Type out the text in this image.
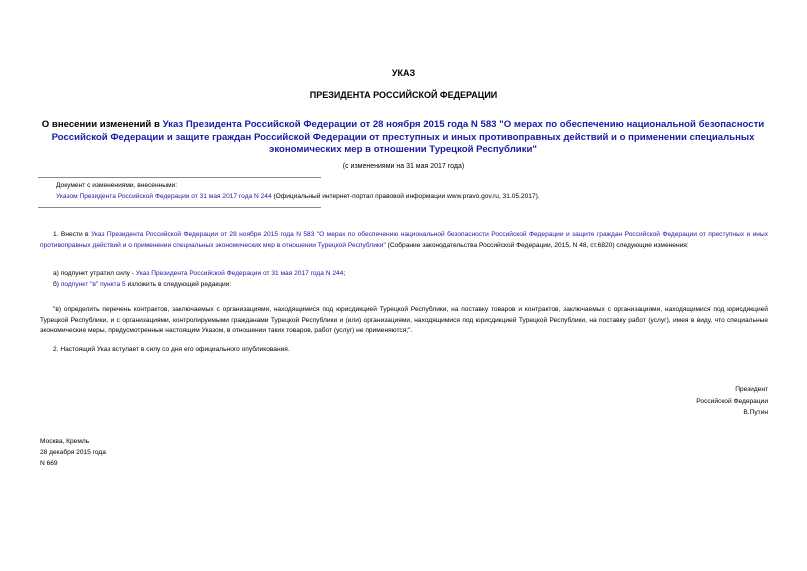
УКАЗ
ПРЕЗИДЕНТА РОССИЙСКОЙ ФЕДЕРАЦИИ
О внесении изменений в Указ Президента Российской Федерации от 28 ноября 2015 года N 583 "О мерах по обеспечению национальной безопасности Российской Федерации и защите граждан Российской Федерации от преступных и иных противоправных действий и о применении специальных экономических мер в отношении Турецкой Республики"
(с изменениями на 31 мая 2017 года)
Документ с изменениями, внесенными:
Указом Президента Российской Федерации от 31 мая 2017 года N 244 (Официальный интернет-портал правовой информации www.pravo.gov.ru, 31.05.2017).
1. Внести в Указ Президента Российской Федерации от 28 ноября 2015 года N 583 "О мерах по обеспечению национальной безопасности Российской Федерации и защите граждан Российской Федерации от преступных и иных противоправных действий и о применении специальных экономических мер в отношении Турецкой Республики" (Собрание законодательства Российской Федерации, 2015, N 48, ст.6820) следующие изменения:
а) подпункт утратил силу - Указ Президента Российской Федерации от 31 мая 2017 года N 244;
б) подпункт "в" пункта 5 изложить в следующей редакции:
"в) определить перечень контрактов, заключаемых с организациями, находящимися под юрисдикцией Турецкой Республики, на поставку товаров и контрактов, заключаемых с организациями, находящимися под юрисдикцией Турецкой Республики, и с организациями, контролируемыми гражданами Турецкой Республики и (или) организациями, находящимися под юрисдикцией Турецкой Республики, на поставку работ (услуг), имея в виду, что специальные экономические меры, предусмотренные настоящим Указом, в отношении таких товаров, работ (услуг) не применяются;".
2. Настоящий Указ вступает в силу со дня его официального опубликования.
Президент
Российской Федерации
В.Путин
Москва, Кремль
28 декабря 2015 года
N 669
